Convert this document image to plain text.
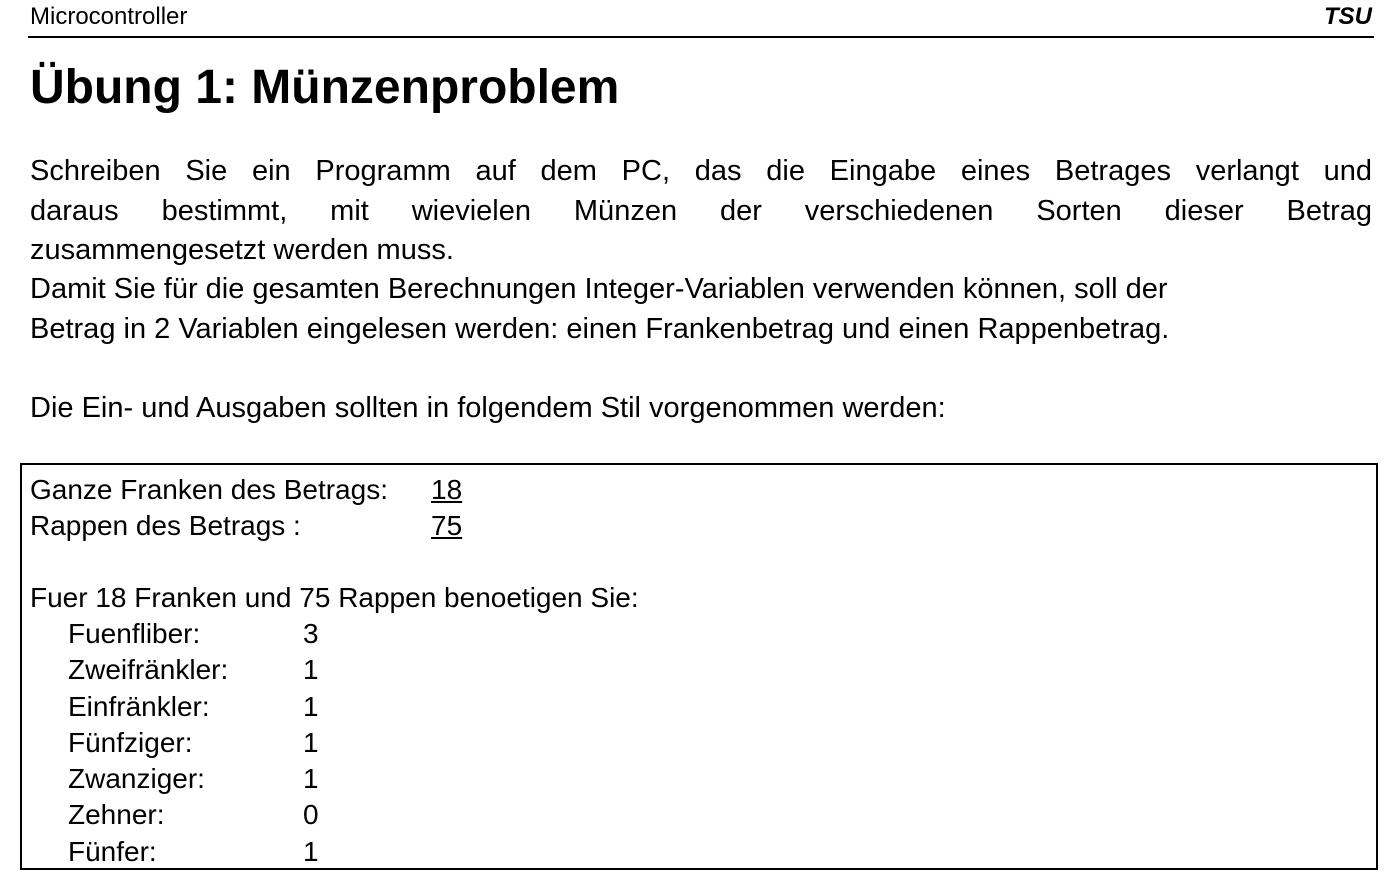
Microcontroller	TSU
Übung 1: Münzenproblem

Schreiben Sie ein Programm auf dem PC, das die Eingabe eines Betrages verlangt und
daraus bestimmt, mit wievielen Münzen der verschiedenen Sorten dieser Betrag
zusammengesetzt werden muss.

Damit Sie für die gesamten Berechnungen Integer-Variablen verwenden können, soll der
Betrag in 2 Variablen eingelesen werden: einen Frankenbetrag und einen Rappenbetrag.

Die Ein- und Ausgaben sollten in folgendem Stil vorgenommen werden:

Ganze Franken des Betrags: 18
Rappen des Betrags :	75
Fuer 18 Franken und 75 Rappen benoetigen Sie:
Fuenfliber:	3
Zweifränkler:	1
Einfränkler:	1
Fünfziger:	1
Zwanziger:	1
Zehner:	0
Fünfer:	1
